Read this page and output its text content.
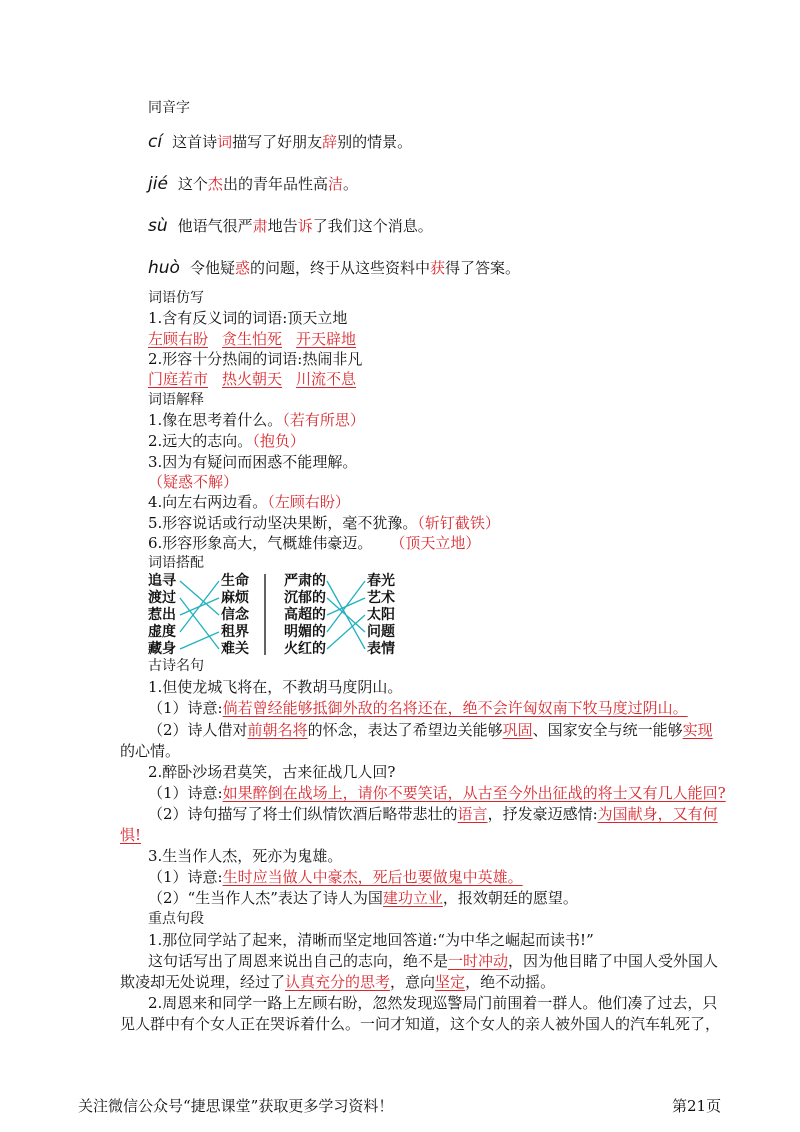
同音字
cí 这首诗词描写了好朋友辞别的情景。
jié 这个杰出的青年品性高洁。
sù 他语气很严肃地告诉了我们这个消息。
huò 令他疑惑的问题，终于从这些资料中获得了答案。
词语仿写
1.含有反义词的词语:顶天立地
左顾右盼 贪生怕死 开天辟地
2.形容十分热闹的词语:热闹非凡
门庭若市 热火朝天 川流不息
词语解释
1.像在思考着什么。（若有所思）
2.远大的志向。（抱负）
3.因为有疑问而困惑不能理解。
（疑惑不解）
4.向左右两边看。（左顾右盼）
5.形容说话或行动坚决果断，毫不犹豫。（斩钉截铁）
6.形容形象高大，气概雄伟豪迈。 （顶天立地）
词语搭配
追寻
渡过
惹出
虚度
藏身
生命
麻烦
信念
租界
难关
严肃的
沉郁的
高超的
明媚的
火红的
春光
艺术
太阳
问题
表情
古诗名句
1.但使龙城飞将在，不教胡马度阴山。
（1）诗意:倘若曾经能够抵御外敌的名将还在，绝不会许匈奴南下牧马度过阴山。
（2）诗人借对前朝名将的怀念，表达了希望边关能够巩固、国家安全与统一能够实现
的心情。
2.醉卧沙场君莫笑，古来征战几人回?
（1）诗意:如果醉倒在战场上，请你不要笑话，从古至今外出征战的将士又有几人能回?
（2）诗句描写了将士们纵情饮酒后略带悲壮的语言，抒发豪迈感情:为国献身，又有何
惧!
3.生当作人杰，死亦为鬼雄。
（1）诗意:生时应当做人中豪杰，死后也要做鬼中英雄。
（2）“生当作人杰”表达了诗人为国建功立业，报效朝廷的愿望。
重点句段
1.那位同学站了起来，清晰而坚定地回答道:“为中华之崛起而读书!”
这句话写出了周恩来说出自己的志向，绝不是一时冲动，因为他目睹了中国人受外国人
欺凌却无处说理，经过了认真充分的思考，意向坚定，绝不动摇。
2.周恩来和同学一路上左顾右盼，忽然发现巡警局门前围着一群人。他们凑了过去，只
见人群中有个女人正在哭诉着什么。一问才知道，这个女人的亲人被外国人的汽车轧死了，
关注微信公众号“捷思课堂”获取更多学习资料！	第21页
